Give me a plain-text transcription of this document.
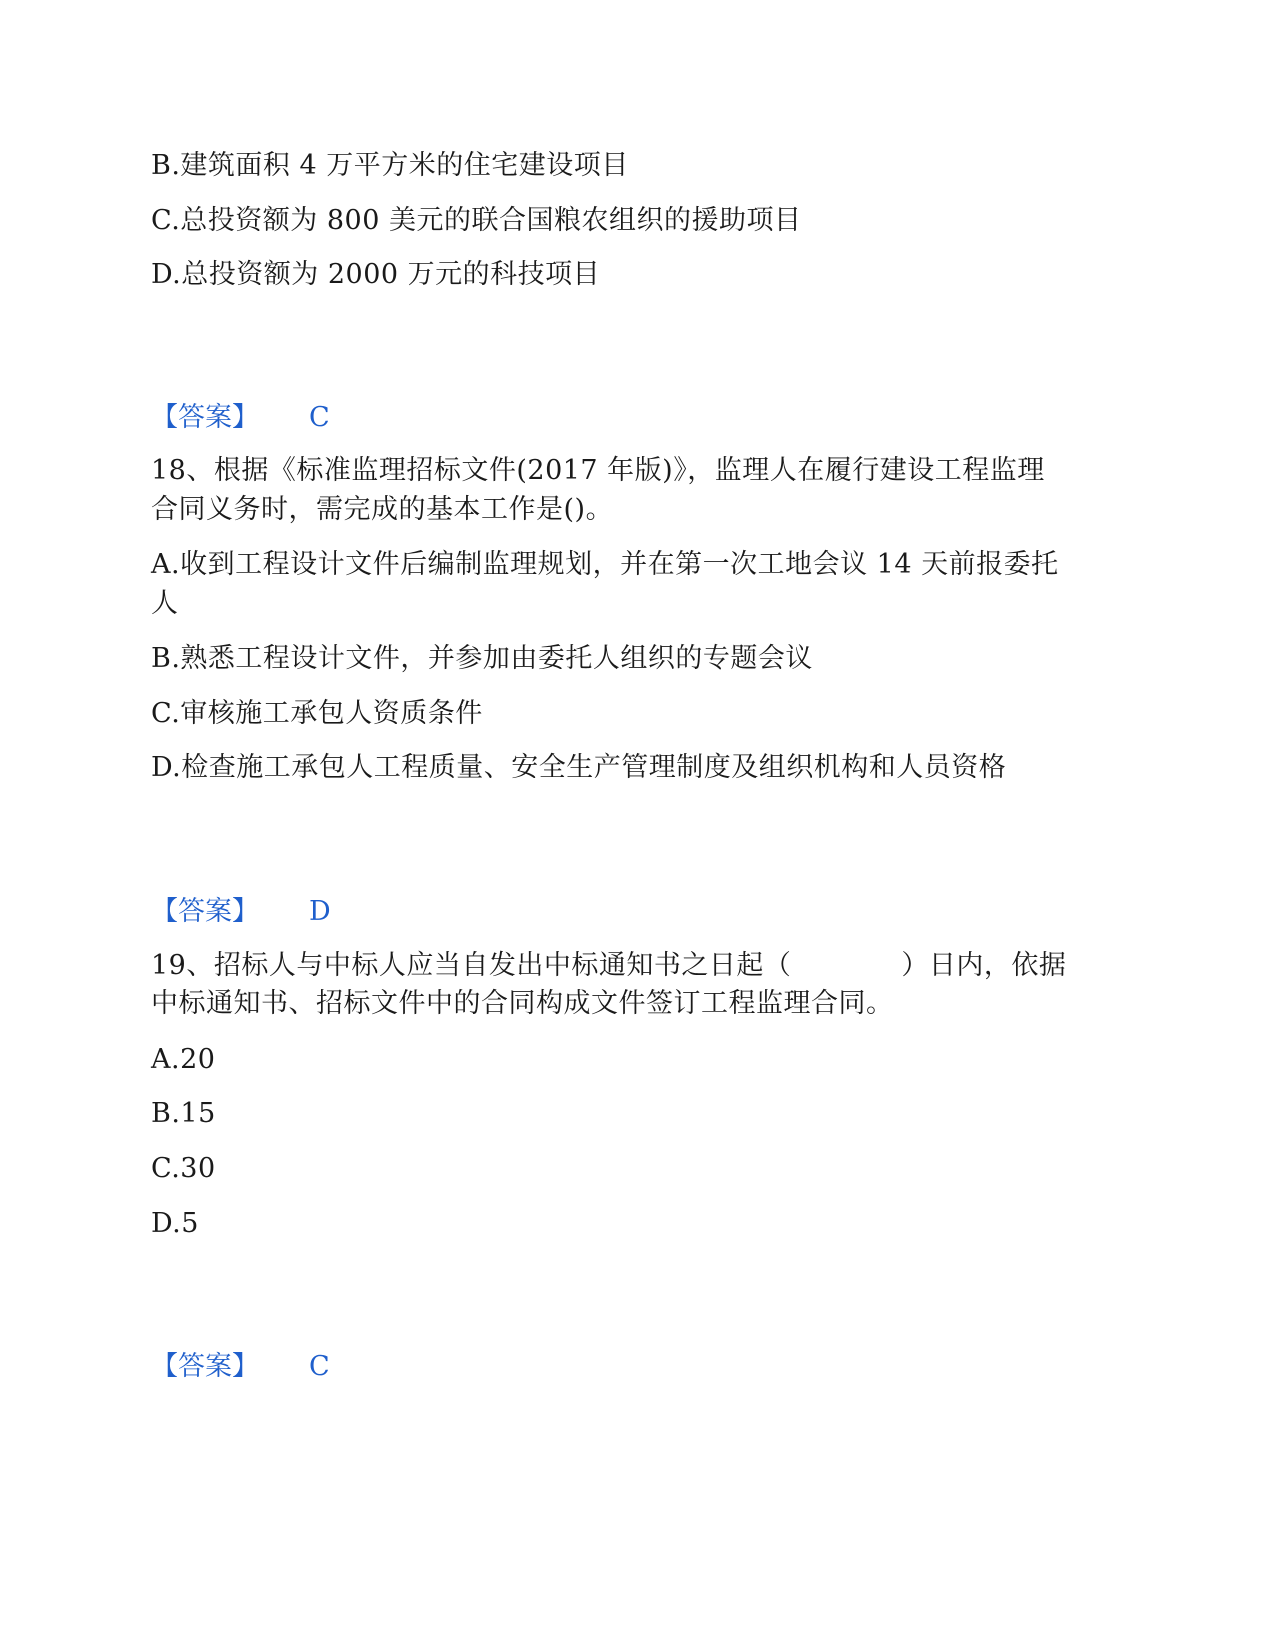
B.建筑面积 4 万平方米的住宅建设项目
C.总投资额为 800 美元的联合国粮农组织的援助项目
D.总投资额为 2000 万元的科技项目
【答案】 C
18、根据《标准监理招标文件(2017 年版)》，监理人在履行建设工程监理
合同义务时，需完成的基本工作是()。
A.收到工程设计文件后编制监理规划，并在第一次工地会议 14 天前报委托
人
B.熟悉工程设计文件，并参加由委托人组织的专题会议
C.审核施工承包人资质条件
D.检查施工承包人工程质量、安全生产管理制度及组织机构和人员资格
【答案】 D
19、招标人与中标人应当自发出中标通知书之日起（　　　　）日内，依据
中标通知书、招标文件中的合同构成文件签订工程监理合同。
A.20
B.15
C.30
D.5
【答案】 C
